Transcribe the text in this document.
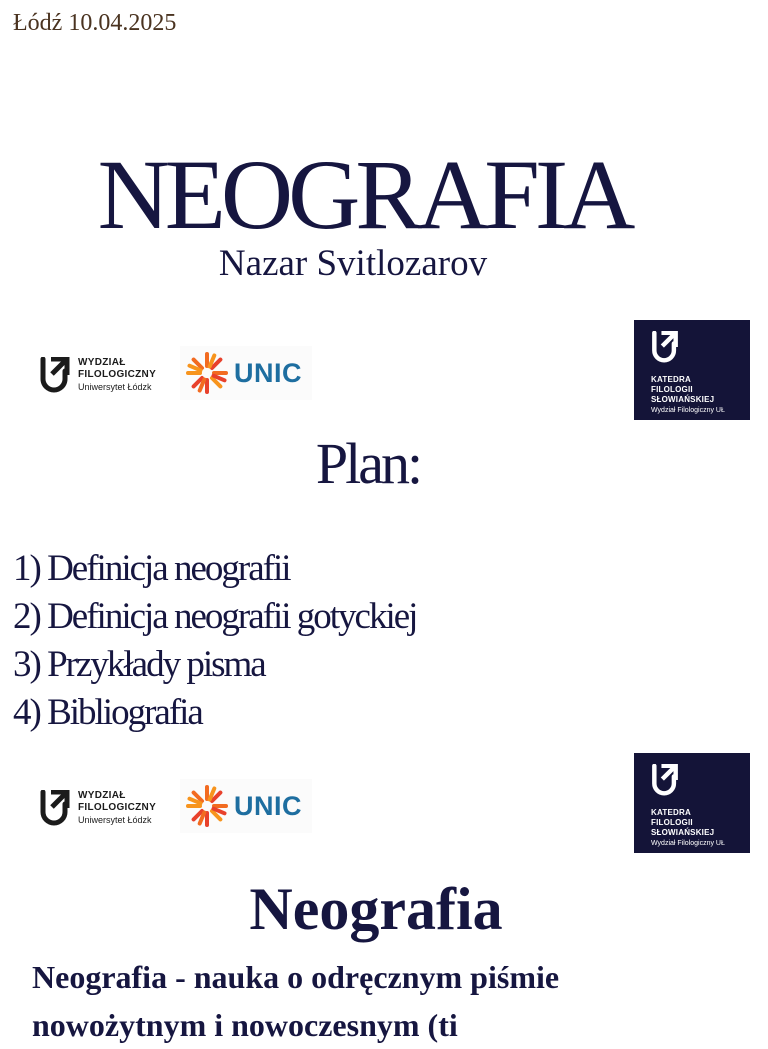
Łódź 10.04.2025
NEOGRAFIA
Nazar Svitlozarov
WYDZIAŁ
FILOLOGICZNY
Uniwersytet Łódzk	UNIC	KATEDRA
FILOLOGII
SŁOWIAŃSKIEJ
Wydział Filologiczny UŁ
Plan:
1) Definicja neografii
2) Definicja neografii gotyckiej
3) Przykłady pisma
4) Bibliografia
WYDZIAŁ
FILOLOGICZNY
Uniwersytet Łódzk	UNIC	KATEDRA
FILOLOGII
SŁOWIAŃSKIEJ
Wydział Filologiczny UŁ
Neografia
Neografia - nauka o odręcznym piśmie nowożytnym i nowoczesnym (ti
